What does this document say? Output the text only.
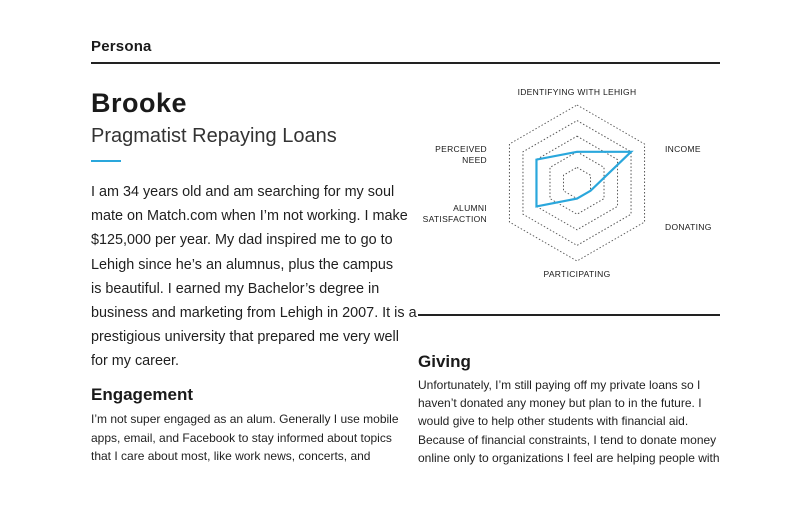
Persona
Brooke
Pragmatist Repaying Loans
I am 34 years old and am searching for my soul
mate on Match.com when I’m not working. I make
$125,000 per year. My dad inspired me to go to
Lehigh since he’s an alumnus, plus the campus
is beautiful. I earned my Bachelor’s degree in
business and marketing from Lehigh in 2007. It is a
prestigious university that prepared me very well
for my career.
Engagement
I’m not super engaged as an alum. Generally I use mobile
apps, email, and Facebook to stay informed about topics
that I care about most, like work news, concerts, and
IDENTIFYING WITH LEHIGH
INCOME
DONATING
PARTICIPATING
ALUMNI SATISFACTION
PERCEIVED NEED
Giving
Unfortunately, I’m still paying off my private loans so I
haven’t donated any money but plan to in the future. I
would give to help other students with financial aid.
Because of financial constraints, I tend to donate money
online only to organizations I feel are helping people with
